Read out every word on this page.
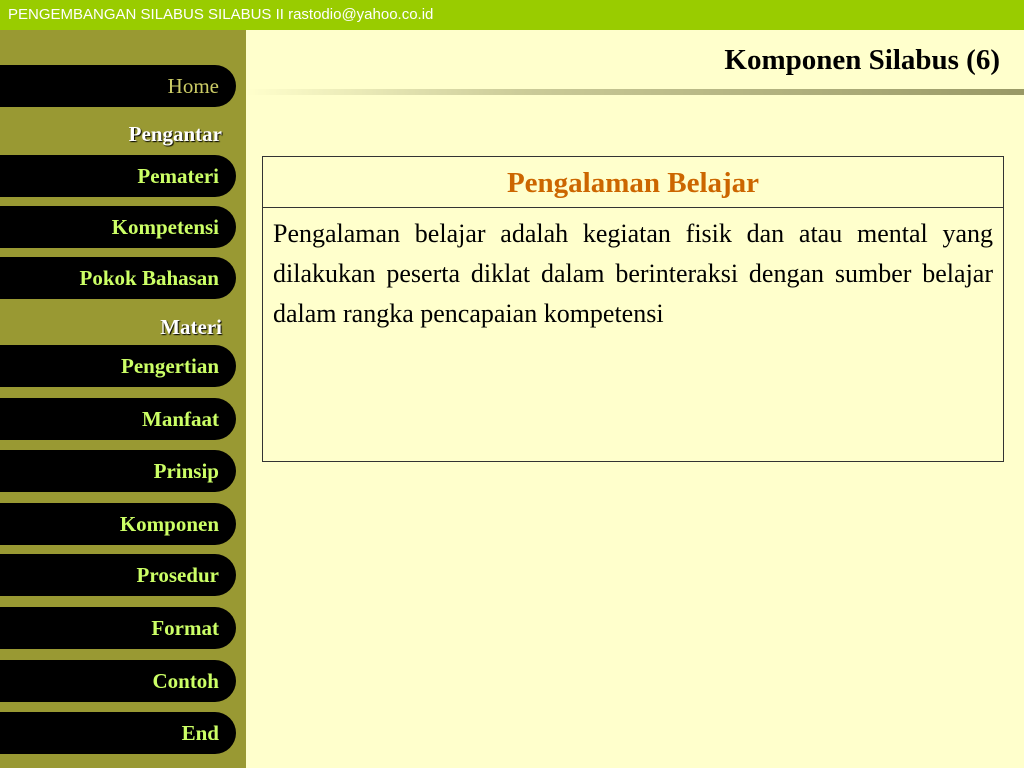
PENGEMBANGAN SILABUS SILABUS II rastodio@yahoo.co.id
Home
Pengantar
Pemateri
Kompetensi
Pokok Bahasan
Materi
Pengertian
Manfaat
Prinsip
Komponen
Prosedur
Format
Contoh
End
Komponen Silabus (6)
Pengalaman Belajar
Pengalaman belajar adalah kegiatan fisik dan atau mental yang dilakukan peserta diklat dalam berinteraksi dengan sumber belajar dalam rangka pencapaian kompetensi
